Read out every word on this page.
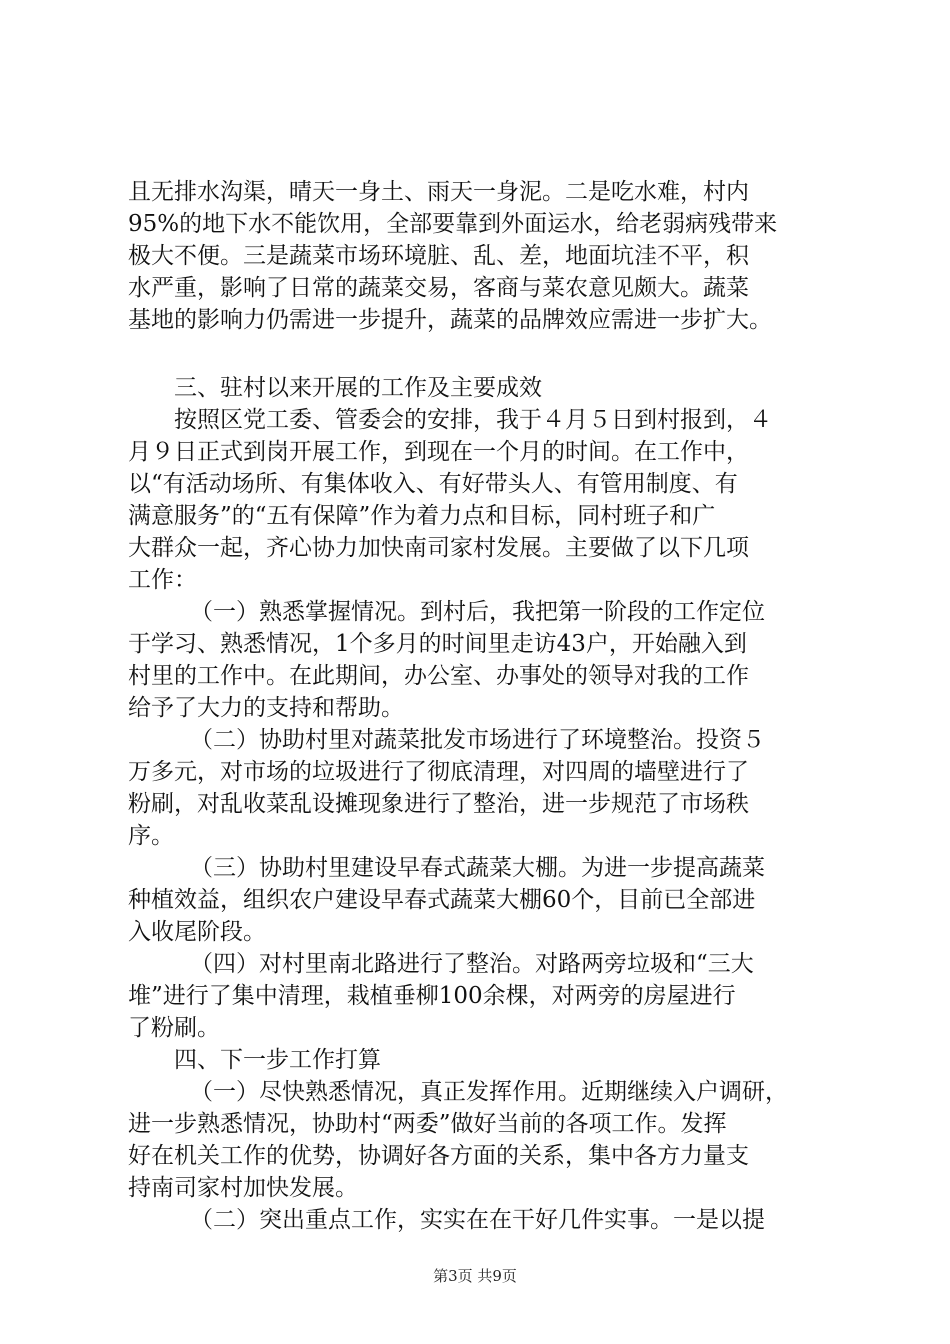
且无排水沟渠，晴天一身土、雨天一身泥。二是吃水难，村内
95%的地下水不能饮用，全部要靠到外面运水，给老弱病残带来
极大不便。三是蔬菜市场环境脏、乱、差，地面坑洼不平，积
水严重，影响了日常的蔬菜交易，客商与菜农意见颇大。蔬菜
基地的影响力仍需进一步提升，蔬菜的品牌效应需进一步扩大。
三、驻村以来开展的工作及主要成效
按照区党工委、管委会的安排，我于４月５日到村报到，４
月９日正式到岗开展工作，到现在一个月的时间。在工作中，
以“有活动场所、有集体收入、有好带头人、有管用制度、有
满意服务”的“五有保障”作为着力点和目标，同村班子和广
大群众一起，齐心协力加快南司家村发展。主要做了以下几项
工作：
（一）熟悉掌握情况。到村后，我把第一阶段的工作定位
于学习、熟悉情况，1个多月的时间里走访43户，开始融入到
村里的工作中。在此期间，办公室、办事处的领导对我的工作
给予了大力的支持和帮助。
（二）协助村里对蔬菜批发市场进行了环境整治。投资５
万多元，对市场的垃圾进行了彻底清理，对四周的墙壁进行了
粉刷，对乱收菜乱设摊现象进行了整治，进一步规范了市场秩
序。
（三）协助村里建设早春式蔬菜大棚。为进一步提高蔬菜
种植效益，组织农户建设早春式蔬菜大棚60个，目前已全部进
入收尾阶段。
（四）对村里南北路进行了整治。对路两旁垃圾和“三大
堆”进行了集中清理，栽植垂柳100余棵，对两旁的房屋进行
了粉刷。
四、下一步工作打算
（一）尽快熟悉情况，真正发挥作用。近期继续入户调研，
进一步熟悉情况，协助村“两委”做好当前的各项工作。发挥
好在机关工作的优势，协调好各方面的关系，集中各方力量支
持南司家村加快发展。
（二）突出重点工作，实实在在干好几件实事。一是以提
第3页 共9页
